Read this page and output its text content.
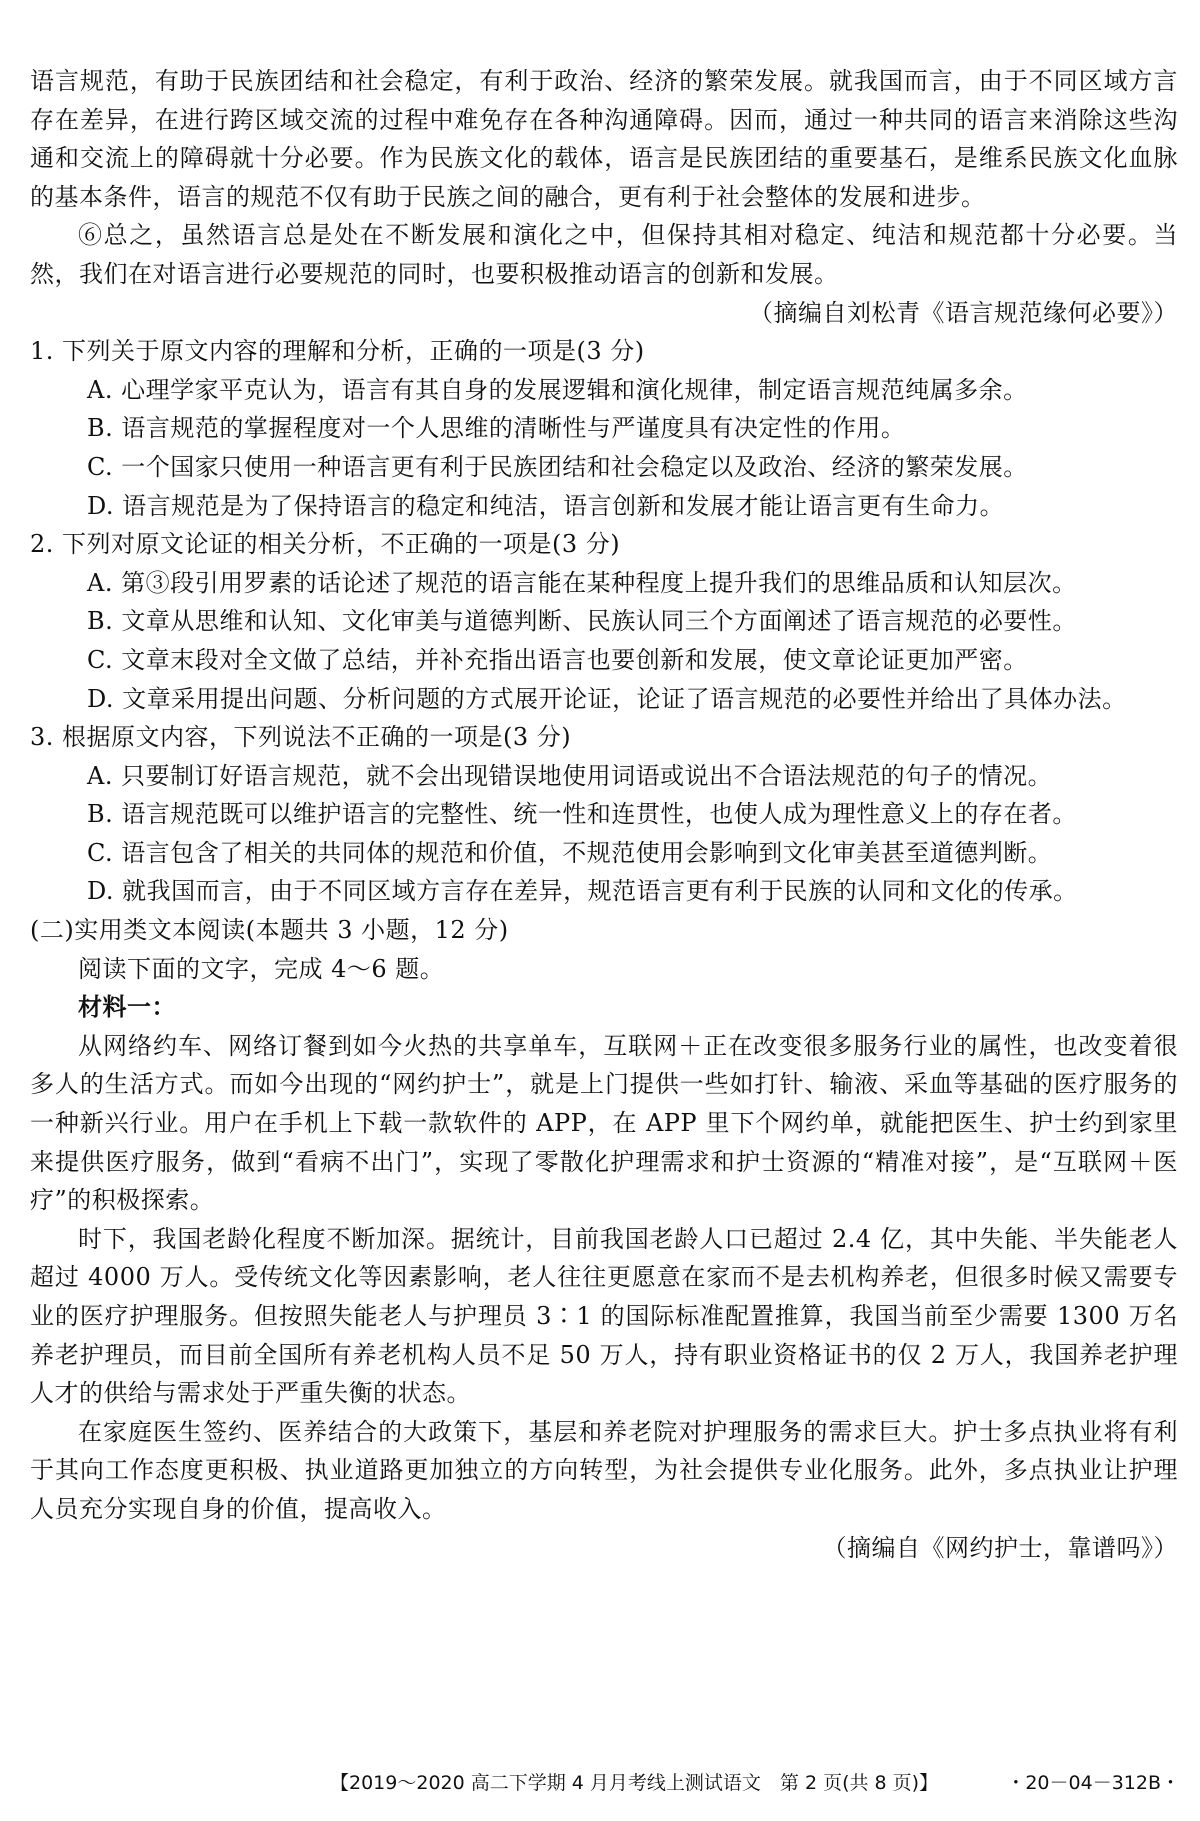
语言规范，有助于民族团结和社会稳定，有利于政治、经济的繁荣发展。就我国而言，由于不同区域方言存在差异，在进行跨区域交流的过程中难免存在各种沟通障碍。因而，通过一种共同的语言来消除这些沟通和交流上的障碍就十分必要。作为民族文化的载体，语言是民族团结的重要基石，是维系民族文化血脉的基本条件，语言的规范不仅有助于民族之间的融合，更有利于社会整体的发展和进步。

⑥总之，虽然语言总是处在不断发展和演化之中，但保持其相对稳定、纯洁和规范都十分必要。当然，我们在对语言进行必要规范的同时，也要积极推动语言的创新和发展。

（摘编自刘松青《语言规范缘何必要》）

1. 下列关于原文内容的理解和分析，正确的一项是(3 分)

A. 心理学家平克认为，语言有其自身的发展逻辑和演化规律，制定语言规范纯属多余。

B. 语言规范的掌握程度对一个人思维的清晰性与严谨度具有决定性的作用。

C. 一个国家只使用一种语言更有利于民族团结和社会稳定以及政治、经济的繁荣发展。

D. 语言规范是为了保持语言的稳定和纯洁，语言创新和发展才能让语言更有生命力。

2. 下列对原文论证的相关分析，不正确的一项是(3 分)

A. 第③段引用罗素的话论述了规范的语言能在某种程度上提升我们的思维品质和认知层次。

B. 文章从思维和认知、文化审美与道德判断、民族认同三个方面阐述了语言规范的必要性。

C. 文章末段对全文做了总结，并补充指出语言也要创新和发展，使文章论证更加严密。

D. 文章采用提出问题、分析问题的方式展开论证，论证了语言规范的必要性并给出了具体办法。

3. 根据原文内容，下列说法不正确的一项是(3 分)

A. 只要制订好语言规范，就不会出现错误地使用词语或说出不合语法规范的句子的情况。

B. 语言规范既可以维护语言的完整性、统一性和连贯性，也使人成为理性意义上的存在者。

C. 语言包含了相关的共同体的规范和价值，不规范使用会影响到文化审美甚至道德判断。

D. 就我国而言，由于不同区域方言存在差异，规范语言更有利于民族的认同和文化的传承。

(二)实用类文本阅读(本题共 3 小题，12 分)

阅读下面的文字，完成 4～6 题。

材料一：

从网络约车、网络订餐到如今火热的共享单车，互联网＋正在改变很多服务行业的属性，也改变着很多人的生活方式。而如今出现的“网约护士”，就是上门提供一些如打针、输液、采血等基础的医疗服务的一种新兴行业。用户在手机上下载一款软件的 APP，在 APP 里下个网约单，就能把医生、护士约到家里来提供医疗服务，做到“看病不出门”，实现了零散化护理需求和护士资源的“精准对接”，是“互联网＋医疗”的积极探索。

时下，我国老龄化程度不断加深。据统计，目前我国老龄人口已超过 2.4 亿，其中失能、半失能老人超过 4000 万人。受传统文化等因素影响，老人往往更愿意在家而不是去机构养老，但很多时候又需要专业的医疗护理服务。但按照失能老人与护理员 3∶1 的国际标准配置推算，我国当前至少需要 1300 万名养老护理员，而目前全国所有养老机构人员不足 50 万人，持有职业资格证书的仅 2 万人，我国养老护理人才的供给与需求处于严重失衡的状态。

在家庭医生签约、医养结合的大政策下，基层和养老院对护理服务的需求巨大。护士多点执业将有利于其向工作态度更积极、执业道路更加独立的方向转型，为社会提供专业化服务。此外，多点执业让护理人员充分实现自身的价值，提高收入。

（摘编自《网约护士，靠谱吗》）

【2019～2020 高二下学期 4 月月考线上测试语文　第 2 页(共 8 页)】	・20－04－312B・
